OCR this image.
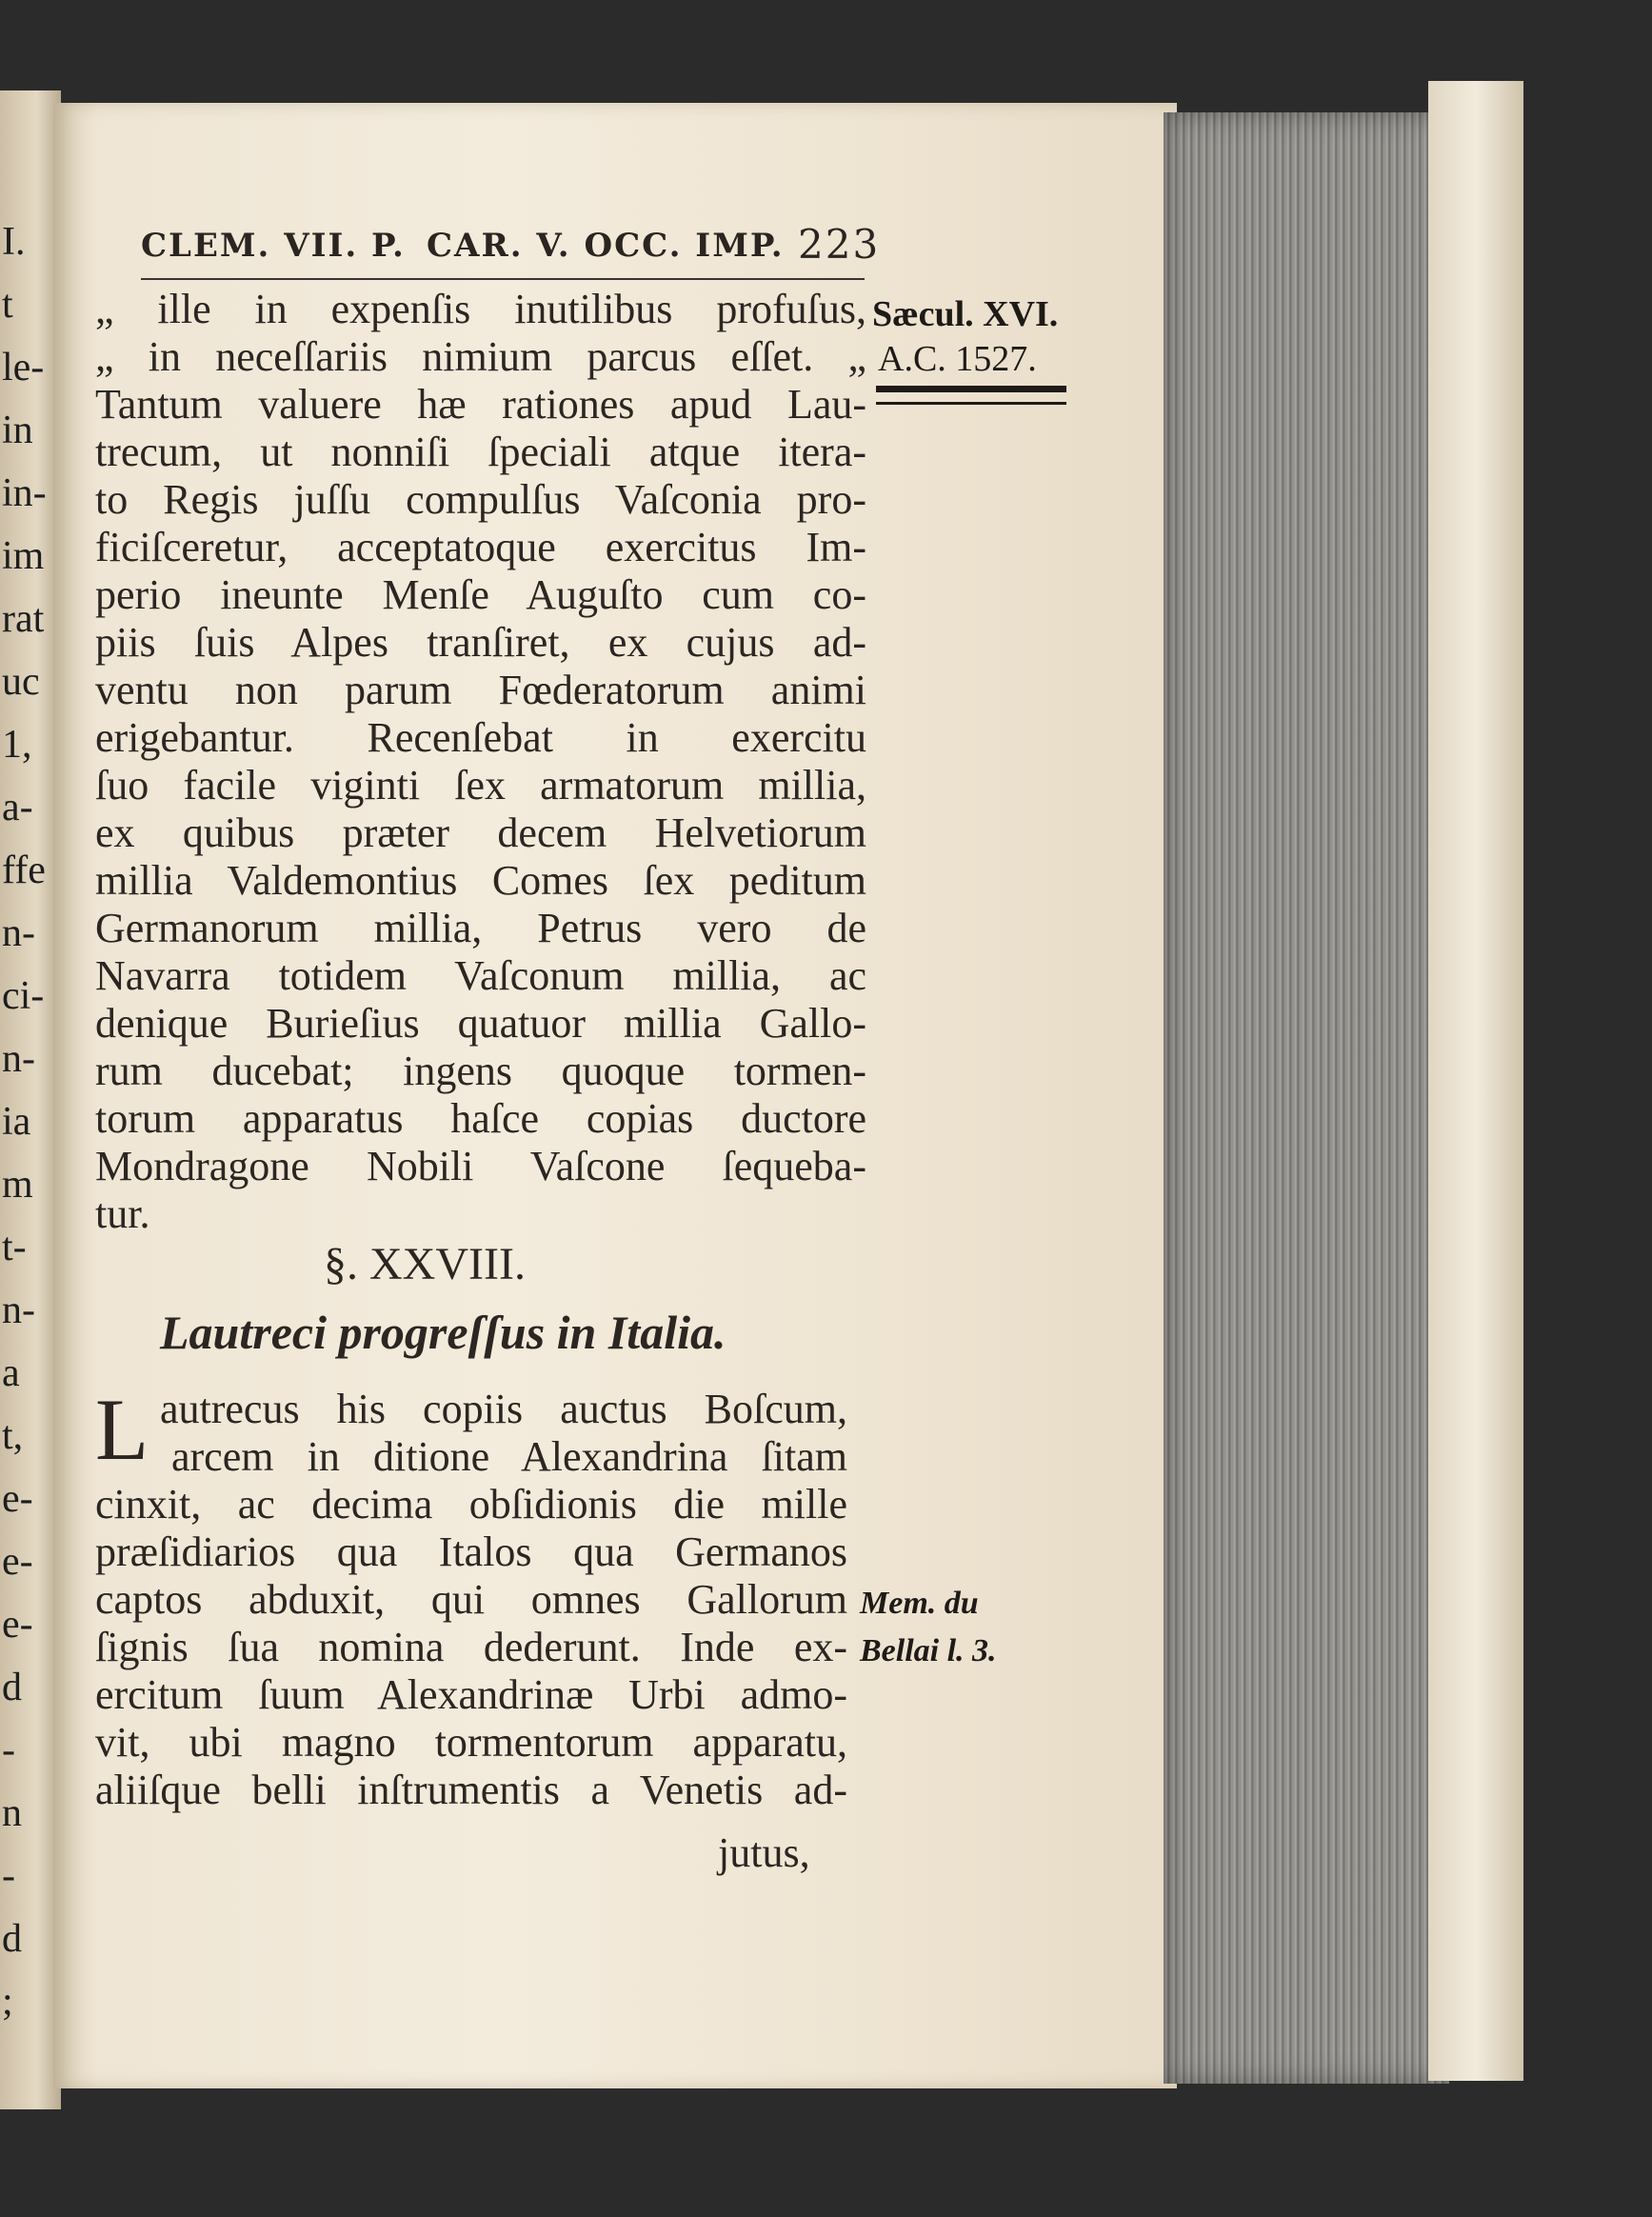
I.
t
le-
in
in-
im
rat
uc
1,
a-
ffe
n-
ci-
n-
ia
m
t-
n-
a
t,
e-
e-
e-
d
-
n
-
d
;
CLEM. VII. P. CAR. V. OCC. IMP. 223
„ ille in expenſis inutilibus profuſus,
„ in neceſſariis nimium parcus eſſet. „
Tantum valuere hæ rationes apud Lau-
trecum, ut nonniſi ſpeciali atque itera-
to Regis juſſu compulſus Vaſconia pro-
ficiſceretur, acceptatoque exercitus Im-
perio ineunte Menſe Auguſto cum co-
piis ſuis Alpes tranſiret, ex cujus ad-
ventu non parum Fœderatorum animi
erigebantur. Recenſebat in exercitu
ſuo facile viginti ſex armatorum millia,
ex quibus præter decem Helvetiorum
millia Valdemontius Comes ſex peditum
Germanorum millia, Petrus vero de
Navarra totidem Vaſconum millia, ac
denique Burieſius quatuor millia Gallo-
rum ducebat; ingens quoque tormen-
torum apparatus haſce copias ductore
Mondragone Nobili Vaſcone ſequeba-
tur.
§. XXVIII.
Lautreci progreſſus in Italia.
L autrecus his copiis auctus Boſcum,
arcem in ditione Alexandrina ſitam
cinxit, ac decima obſidionis die mille
præſidiarios qua Italos qua Germanos
captos abduxit, qui omnes Gallorum
ſignis ſua nomina dederunt. Inde ex-
ercitum ſuum Alexandrinæ Urbi admo-
vit, ubi magno tormentorum apparatu,
aliiſque belli inſtrumentis a Venetis ad-
jutus,
Sæcul. XVI.
A.C. 1527.
Mem. du
Bellai l. 3.
